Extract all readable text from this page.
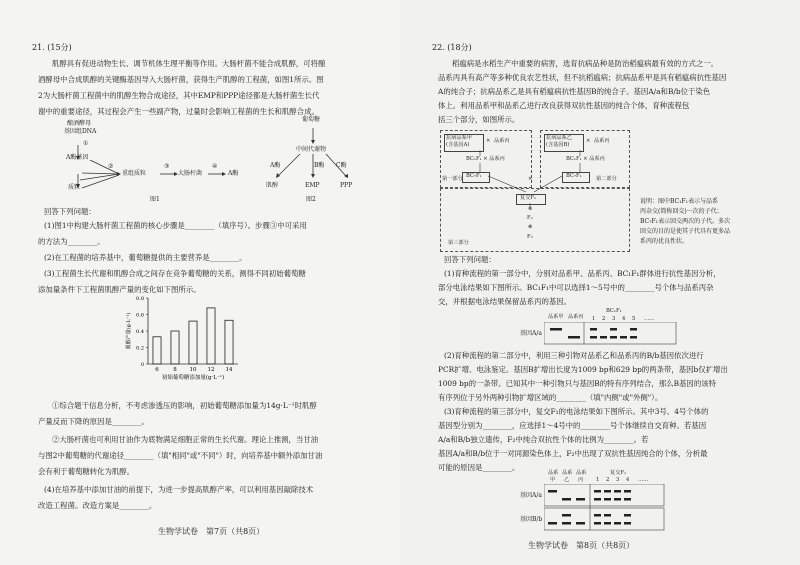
21. (15分)
肌醇具有促进动物生长、调节机体生理平衡等作用。大肠杆菌不能合成肌醇，可将酿
酒酵母中合成肌醇的关键酶基因导入大肠杆菌，获得生产肌醇的工程菌，如图1所示。图
2为大肠杆菌工程菌中的肌醇生物合成途径，其中EMP和PPP途径都是大肠杆菌生长代
谢中的重要途径，其过程会产生一些副产物，过量时会影响工程菌的生长和肌醇合成。
酿酒酵母
基因组DNA
①
A酶基因
②
重组质粒
③
大肠杆菌
④
A酶
质粒
图1
葡萄糖
中间代谢物
A酶	B酶 C酶
肌醇	EMP	PPP
图2
回答下列问题：
(1)图1中构建大肠杆菌工程菌的核心步骤是________（填序号）。步骤③中可采用
的方法为________。
(2)在工程菌的培养基中，葡萄糖提供的主要营养是________。
(3)工程菌生长代谢和肌醇合成之间存在竞争葡萄糖的关系，测得不同初始葡萄糖
添加量条件下工程菌肌醇产量的变化如下图所示。
0
0.2
0.4
0.6
0.8
6	8 10 12 14
初始葡萄糖添加量(g·L⁻¹)
肌醇产量(g·L⁻¹)
①综合题干信息分析，不考虑渗透压的影响，初始葡萄糖添加量为14g·L⁻¹时肌醇
产量反而下降的原因是________。
②大肠杆菌也可利用甘油作为底物满足细胞正常的生长代谢。理论上推测，当甘油
与图2中葡萄糖的代谢途径________（填"相同"或"不同"）时，向培养基中额外添加甘油
会有利于葡萄糖转化为肌醇。
(4)在培养基中添加甘油的前提下，为进一步提高肌醇产率，可以利用基因敲除技术
改造工程菌。改造方案是________。
生物学试卷　第7页（共8页）
22. (18分)
稻瘟病是水稻生产中重要的病害，选育抗病品种是防治稻瘟病最有效的方式之一。
品系丙具有高产等多种优良农艺性状，但不抗稻瘟病；抗病品系甲是具有稻瘟病抗性基因
A的纯合子；抗病品系乙是具有稻瘟病抗性基因B的纯合子。基因A/a和B/b位于染色
体上。利用品系甲和品系乙进行改良获得双抗性基因的纯合个体，育种流程包
括三个部分，如图所示。
抗病品系甲
(含基因A)
× 品系丙
BC₁F₁ × 品系丙
BC₇F₁
第一部分
抗病品系乙
(含基因B)
× 品系丙
BC₁F₁ × 品系丙
BC₇F₁	第二部分
×
复交F₁
⊗
F₂
⊗
F₃
第三部分
说明：图中BC₁F₁表示与品系
丙杂交(简称回交)一次的子代；
BC₇F₁表示回交两次的子代。多次
回交的目的是使其子代具有更多品
系丙的优良性状。
回答下列问题：
(1)育种流程的第一部分中，分别对品系甲、品系丙、BC₁F₁群体进行抗性基因分析，
部分电泳结果如下图所示。BC₁F₁中可以选择1～5号中的________号个体与品系丙杂
交，并根据电泳结果保留品系丙的基因。
品系甲 品系丙
BC₁F₁
1 2 3 4 5 ……
基因A/a
(2)育种流程的第二部分中，利用三种引物对品系乙和品系丙的B/b基因依次进行
PCR扩增、电泳鉴定。基因B扩增出长度为1009 bp和629 bp的两条带，基因b仅扩增出
1009 bp的一条带。已知其中一种引物只与基因B的特有序列结合，那么B基因的该特
有序列位于另外两种引物扩增区域的________（填"内侧"或"外侧"）。
(3)育种流程的第三部分中，复交F₁的电泳结果如下图所示。其中3号、4号个体的
基因型分别为________，应选择1～4号中的________号个体继续自交育种。若基因
A/a和B/b独立遗传，F₂中纯合双抗性个体的比例为________。若
基因A/a和B/b位于一对同源染色体上，F₂中出现了双抗性基因纯合的个体，分析最
可能的原因是________。
品系 品系 品系
甲 乙 丙
复交F₁
1 2 3 4 ……
基因A/a
基因B/b
生物学试卷　第8页（共8页）
